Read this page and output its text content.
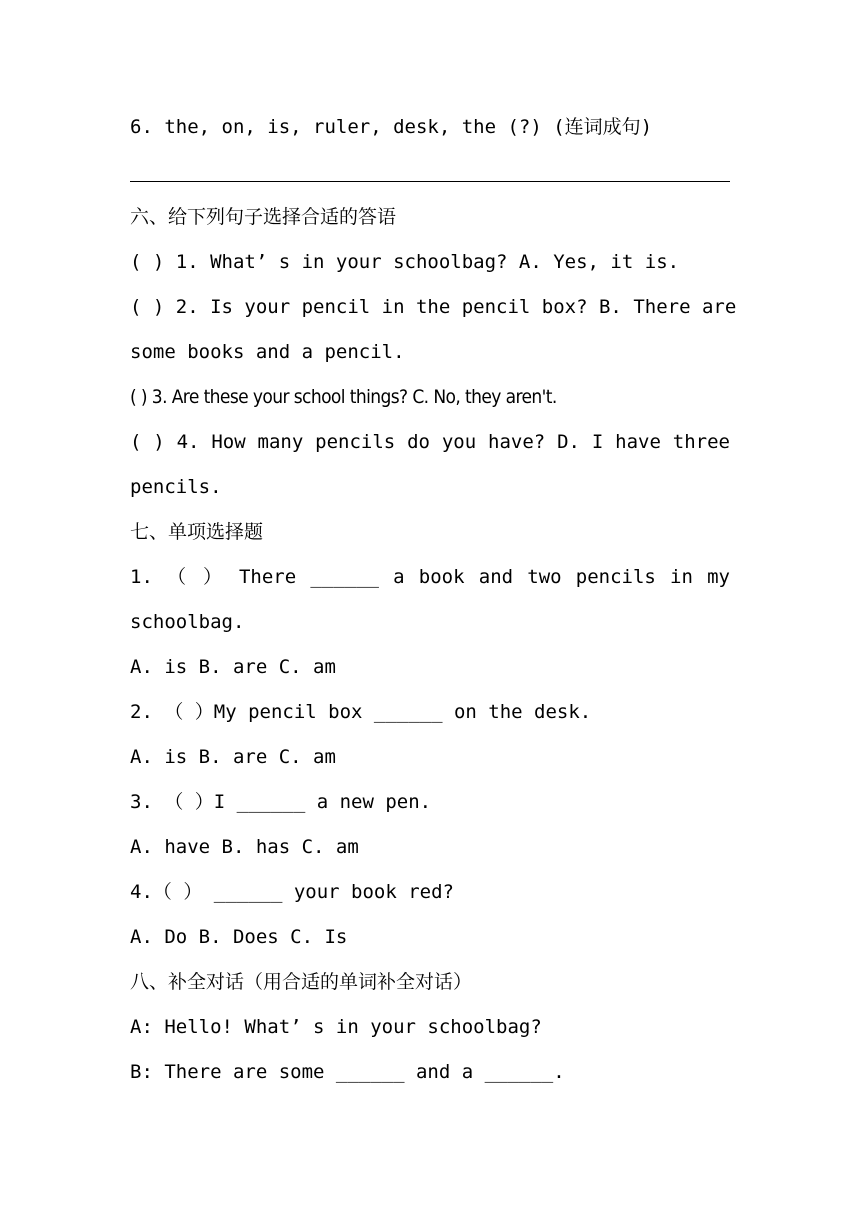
6. the, on, is, ruler, desk, the (?) (连词成句)
六、给下列句子选择合适的答语
( ) 1. What’ s in your schoolbag? A. Yes, it is.
( ) 2. Is your pencil in the pencil box? B. There are
some books and a pencil.
( ) 3. Are these your school things? C. No, they aren't.
( ) 4. How many pencils do you have? D. I have three
pencils.
七、单项选择题
1. （ ） There ______ a book and two pencils in my
schoolbag.
A. is B. are C. am
2. （ ）My pencil box ______ on the desk.
A. is B. are C. am
3. （ ）I ______ a new pen.
A. have B. has C. am
4.（ ） ______ your book red?
A. Do B. Does C. Is
八、补全对话（用合适的单词补全对话）
A: Hello! What’ s in your schoolbag?
B: There are some ______ and a ______.
